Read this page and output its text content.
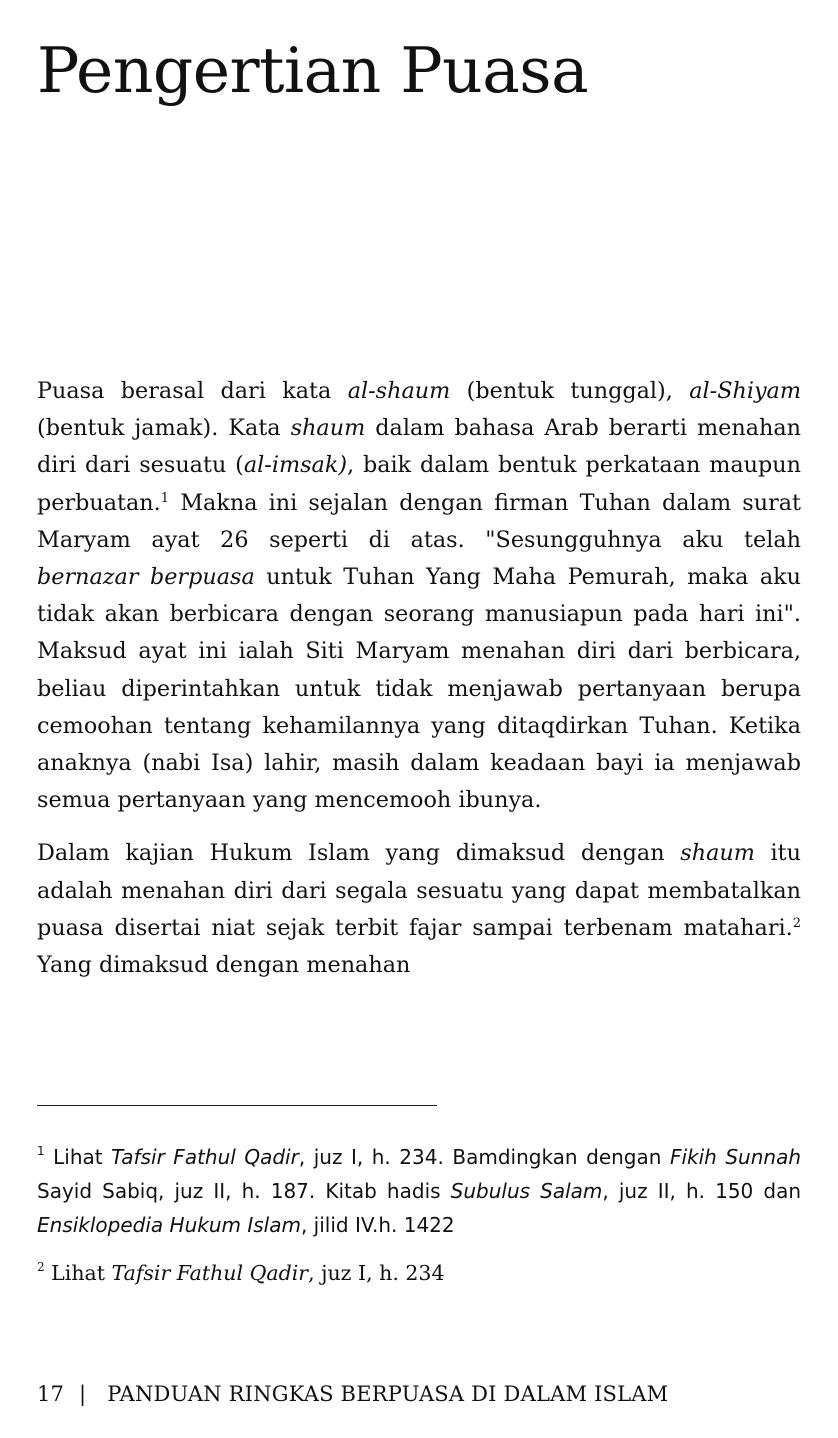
Pengertian Puasa

Puasa berasal dari kata al-shaum (bentuk tunggal), al-Shiyam (bentuk jamak). Kata shaum dalam bahasa Arab berarti menahan diri dari sesuatu (al-imsak), baik dalam bentuk perkataan maupun perbuatan.$^1$ Makna ini sejalan dengan firman Tuhan dalam surat Maryam ayat 26 seperti di atas. "Sesungguhnya aku telah bernazar berpuasa untuk Tuhan Yang Maha Pemurah, maka aku tidak akan berbicara dengan seorang manusiapun pada hari ini". Maksud ayat ini ialah Siti Maryam menahan diri dari berbicara, beliau diperintahkan untuk tidak menjawab pertanyaan berupa cemoohan tentang kehamilannya yang ditaqdirkan Tuhan. Ketika anaknya (nabi Isa) lahir, masih dalam keadaan bayi ia menjawab semua pertanyaan yang mencemooh ibunya.

Dalam kajian Hukum Islam yang dimaksud dengan shaum itu adalah menahan diri dari segala sesuatu yang dapat membatalkan puasa disertai niat sejak terbit fajar sampai terbenam matahari.$^2$ Yang dimaksud dengan menahan

$^1$ Lihat Tafsir Fathul Qadir, juz I, h. 234. Bamdingkan dengan Fikih Sunnah Sayid Sabiq, juz II, h. 187. Kitab hadis Subulus Salam, juz II, h. 150 dan Ensiklopedia Hukum Islam, jilid IV.h. 1422

$^2$ Lihat Tafsir Fathul Qadir, juz I, h. 234

17 | PANDUAN RINGKAS BERPUASA DI DALAM ISLAM
